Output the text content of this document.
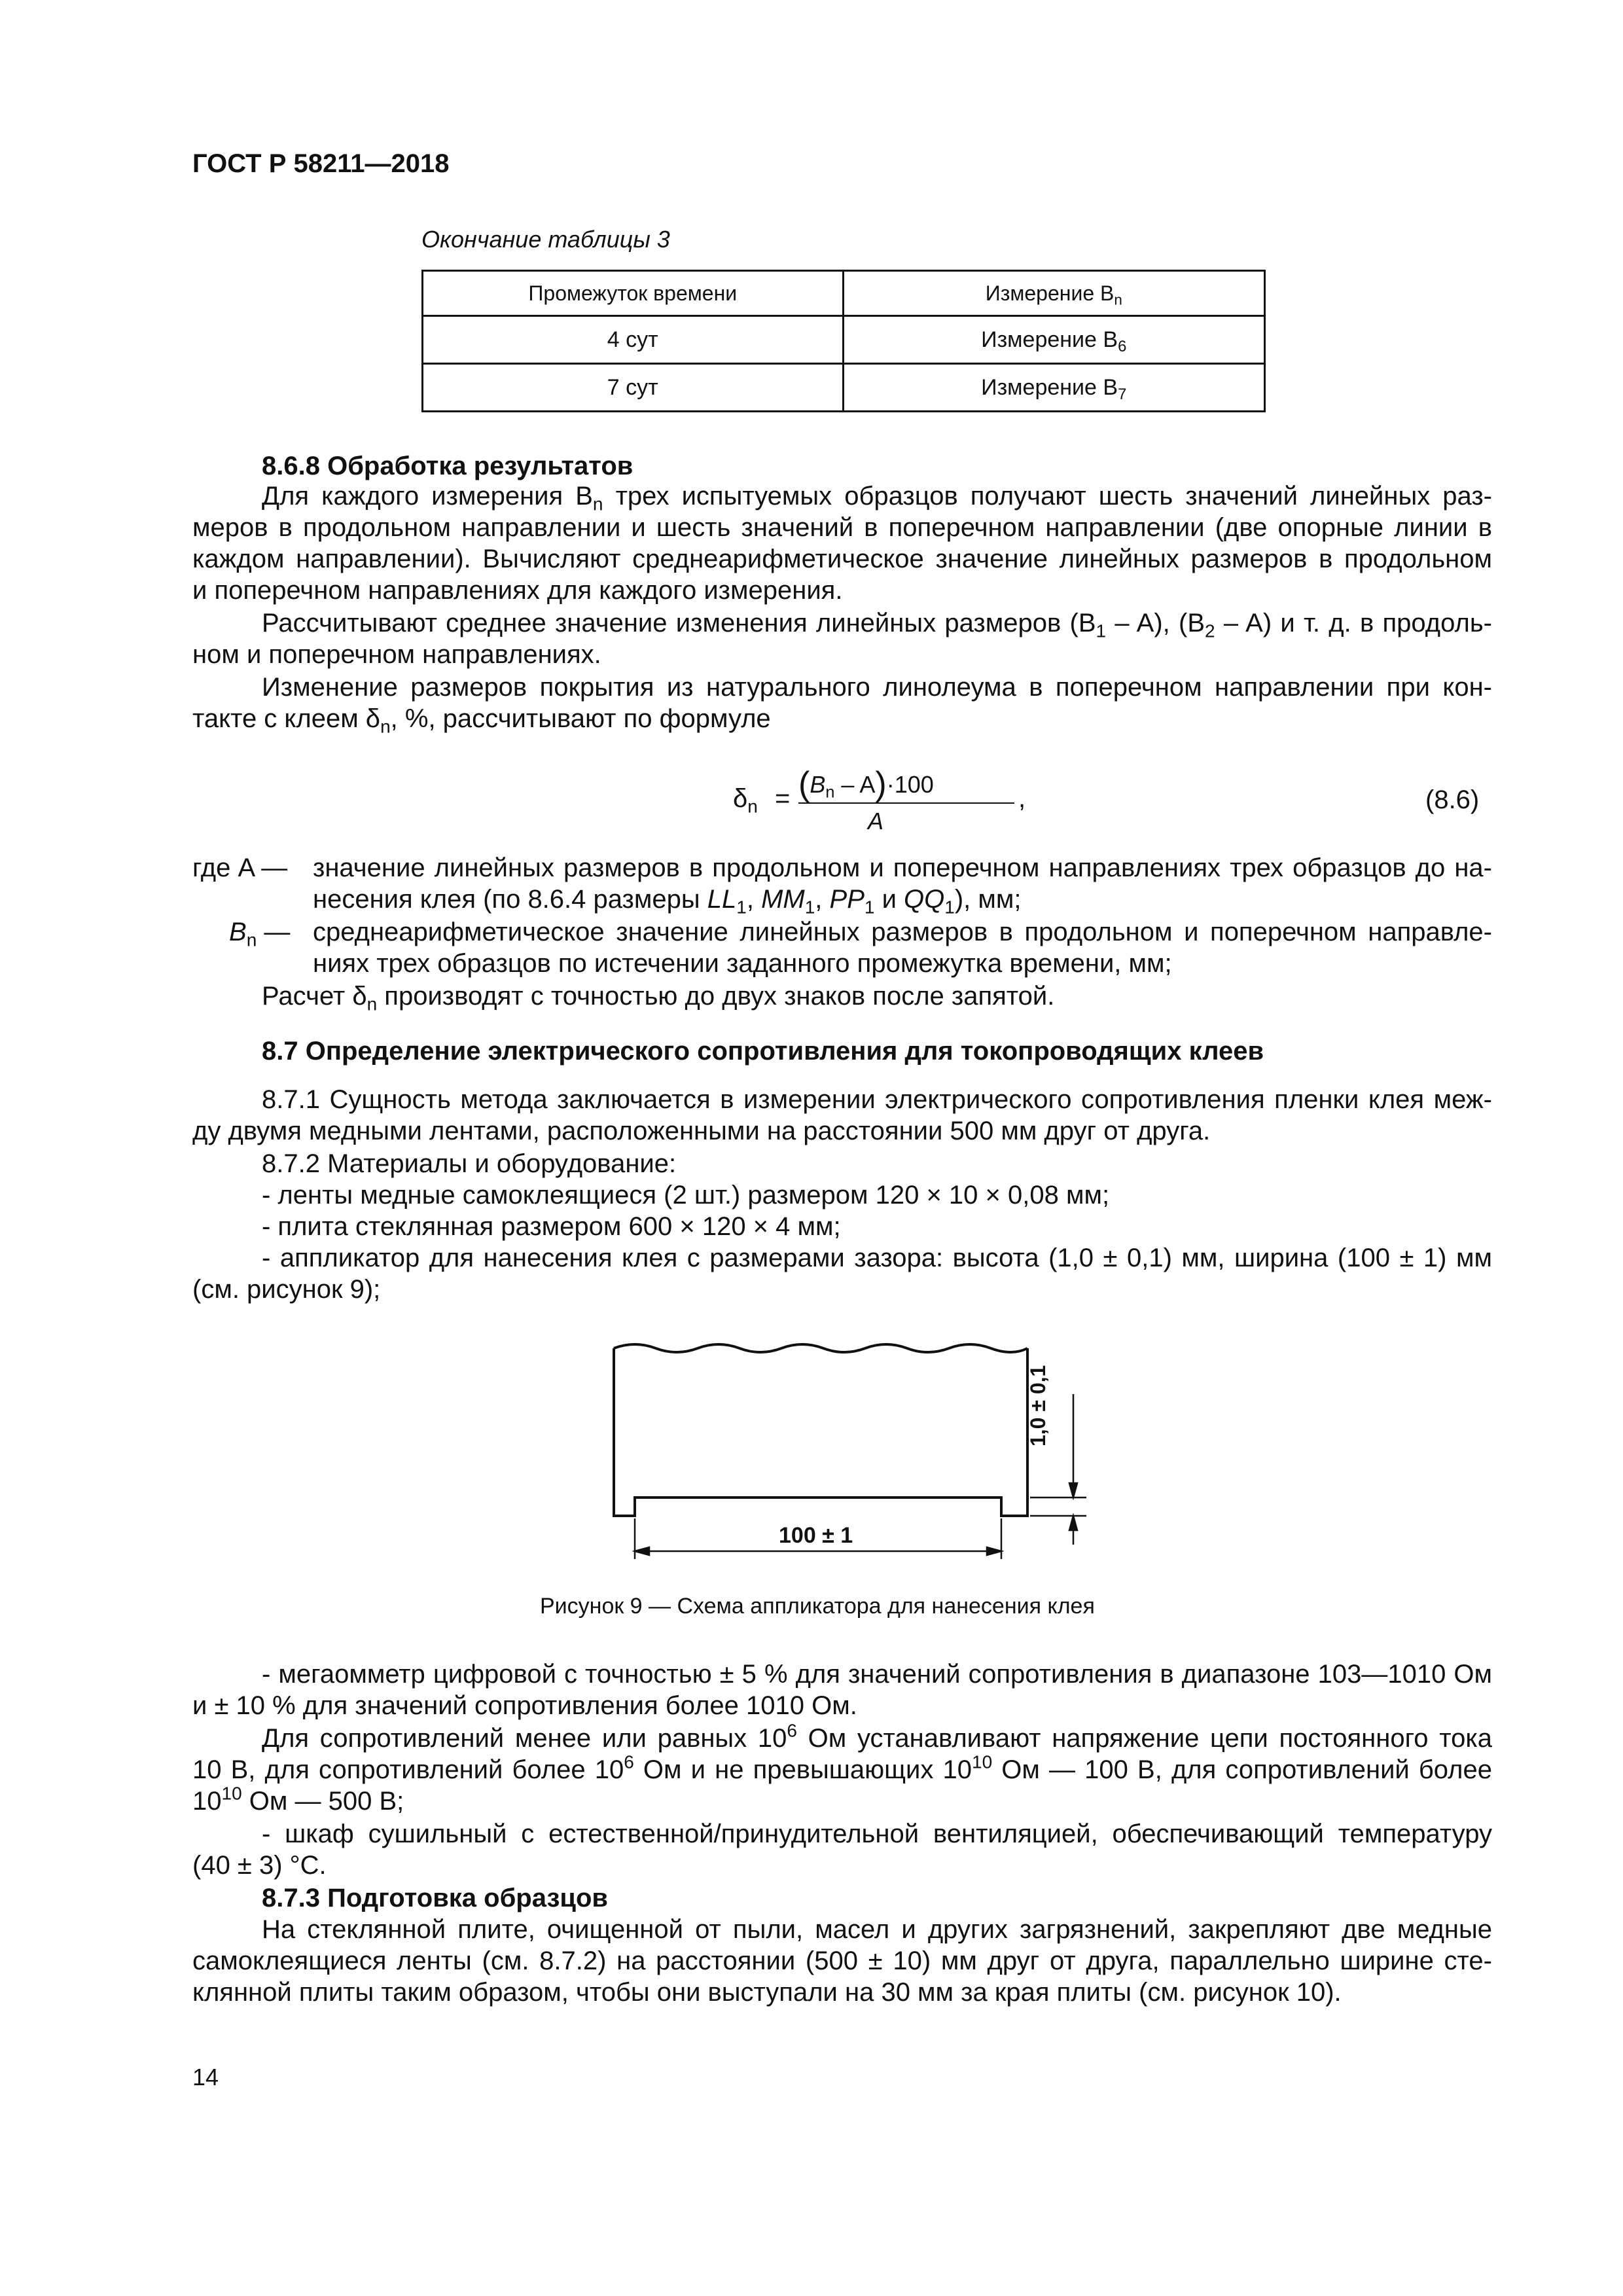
ГОСТ Р 58211—2018
Окончание таблицы 3
Промежуток времени	Измерение $B_n$
4 сут	Измерение $B_6$
7 сут	Измерение $B_7$
8.6.8 Обработка результатов
Для каждого измерения $B_n$ трех испытуемых образцов получают шесть значений линейных раз-
меров в продольном направлении и шесть значений в поперечном направлении (две опорные линии в
каждом направлении). Вычисляют среднеарифметическое значение линейных размеров в продольном
и поперечном направлениях для каждого измерения.
Рассчитывают среднее значение изменения линейных размеров $(B_1 - A)$, $(B_2 - A)$ и т. д. в продоль-
ном и поперечном направлениях.
Изменение размеров покрытия из натурального линолеума в поперечном направлении при кон-
такте с клеем $\delta_n$, %, рассчитывают по формуле
$\delta_n = (B_n - A)\cdot 100$
A
,	(8.6)
где A — значение линейных размеров в продольном и поперечном направлениях трех образцов до на-
несения клея (по 8.6.4 размеры $LL_1$, $MM_1$, $PP_1$ и $QQ_1$), мм;
$B_n$ — среднеарифметическое значение линейных размеров в продольном и поперечном направле-
ниях трех образцов по истечении заданного промежутка времени, мм;
Расчет $\delta_n$ производят с точностью до двух знаков после запятой.
8.7 Определение электрического сопротивления для токопроводящих клеев
8.7.1 Сущность метода заключается в измерении электрического сопротивления пленки клея меж-
ду двумя медными лентами, расположенными на расстоянии 500 мм друг от друга.
8.7.2 Материалы и оборудование:
- ленты медные самоклеящиеся (2 шт.) размером 120 × 10 × 0,08 мм;
- плита стеклянная размером 600 × 120 × 4 мм;
- аппликатор для нанесения клея с размерами зазора: высота (1,0 ± 0,1) мм, ширина (100 ± 1) мм
(см. рисунок 9);
100 ± 1
1,0 ± 0,1
Рисунок 9 — Схема аппликатора для нанесения клея
- мегаомметр цифровой с точностью ± 5 % для значений сопротивления в диапазоне 103—1010 Ом
и ± 10 % для значений сопротивления более 1010 Ом.
Для сопротивлений менее или равных $10^6$ Ом устанавливают напряжение цепи постоянного тока
10 В, для сопротивлений более $10^6$ Ом и не превышающих $10^{10}$ Ом — 100 В, для сопротивлений более
$10^{10}$ Ом — 500 В;
- шкаф сушильный с естественной/принудительной вентиляцией, обеспечивающий температуру
(40 ± 3) °С.
8.7.3 Подготовка образцов
На стеклянной плите, очищенной от пыли, масел и других загрязнений, закрепляют две медные
самоклеящиеся ленты (см. 8.7.2) на расстоянии (500 ± 10) мм друг от друга, параллельно ширине сте-
клянной плиты таким образом, чтобы они выступали на 30 мм за края плиты (см. рисунок 10).
14
